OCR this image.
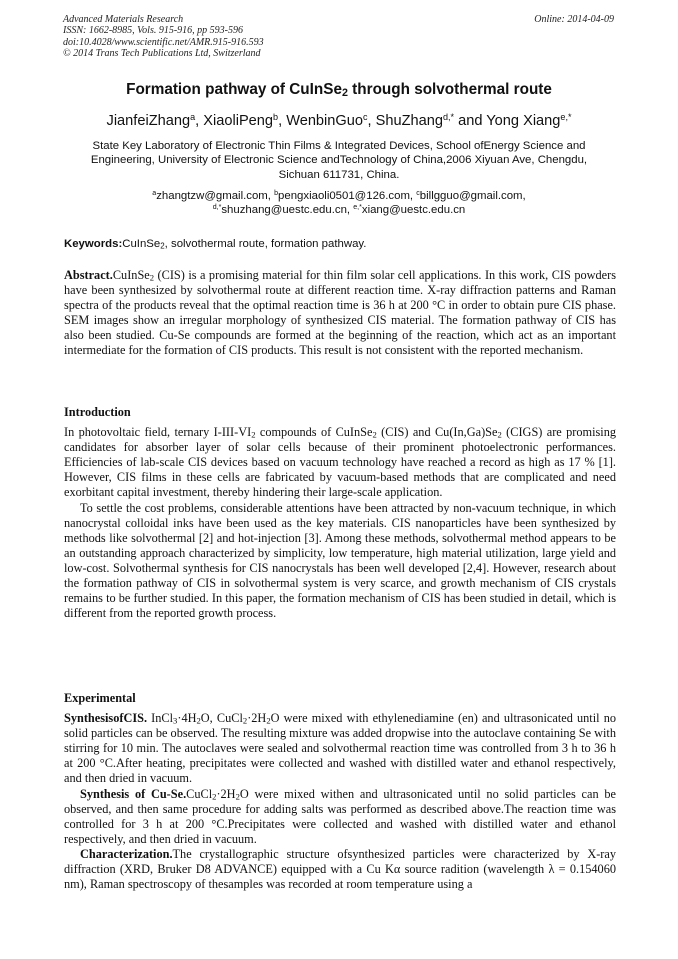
Advanced Materials Research
ISSN: 1662-8985, Vols. 915-916, pp 593-596
doi:10.4028/www.scientific.net/AMR.915-916.593
© 2014 Trans Tech Publications Ltd, Switzerland
Online: 2014-04-09
Formation pathway of CuInSe$_2$ through solvothermal route
JianfeiZhang$^a$, XiaoliPeng$^b$, WenbinGuo$^c$, ShuZhang$^{d,*}$ and Yong Xiang$^{e,*}$
State Key Laboratory of Electronic Thin Films & Integrated Devices, School ofEnergy Science and
Engineering, University of Electronic Science andTechnology of China,2006 Xiyuan Ave, Chengdu,
Sichuan 611731, China.
$^a$zhangtzw@gmail.com, $^b$pengxiaoli0501@126.com, $^c$billgguo@gmail.com,
$^{d,*}$shuzhang@uestc.edu.cn, $^{e,*}$xiang@uestc.edu.cn
Keywords:CuInSe$_2$, solvothermal route, formation pathway.

Abstract.CuInSe$_2$ (CIS) is a promising material for thin film solar cell applications. In this work, CIS powders have been synthesized by solvothermal route at different reaction time. X-ray diffraction patterns and Raman spectra of the products reveal that the optimal reaction time is 36 h at 200 °C in order to obtain pure CIS phase. SEM images show an irregular morphology of synthesized CIS material. The formation pathway of CIS has also been studied. Cu-Se compounds are formed at the beginning of the reaction, which act as an important intermediate for the formation of CIS products. This result is not consistent with the reported mechanism.

Introduction

In photovoltaic field, ternary $I-III-VI_2$ compounds of CuInSe$_2$ (CIS) and $Cu(In,Ga)Se_2$ (CIGS) are promising candidates for absorber layer of solar cells because of their prominent photoelectronic performances. Efficiencies of lab-scale CIS devices based on vacuum technology have reached a record as high as 17 % [1]. However, CIS films in these cells are fabricated by vacuum-based methods that are complicated and need exorbitant capital investment, thereby hindering their large-scale application.

To settle the cost problems, considerable attentions have been attracted by non-vacuum technique, in which nanocrystal colloidal inks have been used as the key materials. CIS nanoparticles have been synthesized by methods like solvothermal [2] and hot-injection [3]. Among these methods, solvothermal method appears to be an outstanding approach characterized by simplicity, low temperature, high material utilization, large yield and low-cost. Solvothermal synthesis for CIS nanocrystals has been well developed [2,4]. However, research about the formation pathway of CIS in solvothermal system is very scarce, and growth mechanism of CIS crystals remains to be further studied. In this paper, the formation mechanism of CIS has been studied in detail, which is different from the reported growth process.

Experimental

SynthesisofCIS. $InCl_3\cdot 4H_2O$, $CuCl_2\cdot 2H_2O$ were mixed with ethylenediamine (en) and ultrasonicated until no solid particles can be observed. The resulting mixture was added dropwise into the autoclave containing Se with stirring for 10 min. The autoclaves were sealed and solvothermal reaction time was controlled from 3 h to 36 h at 200 °C.After heating, precipitates were collected and washed with distilled water and ethanol respectively, and then dried in vacuum.

Synthesis of $Cu-Se.CuCl_2\cdot 2H_2O$ were mixed withen and ultrasonicated until no solid particles can be observed, and then same procedure for adding salts was performed as described above.The reaction time was controlled for 3 h at 200 °C.Precipitates were collected and washed with distilled water and ethanol respectively, and then dried in vacuum.

Characterization.The crystallographic structure ofsynthesized particles were characterized by X-ray diffraction (XRD, Bruker D8 ADVANCE) equipped with a Cu Kα source radition (wavelength λ = 0.154060 nm), Raman spectroscopy of thesamples was recorded at room temperature using a
